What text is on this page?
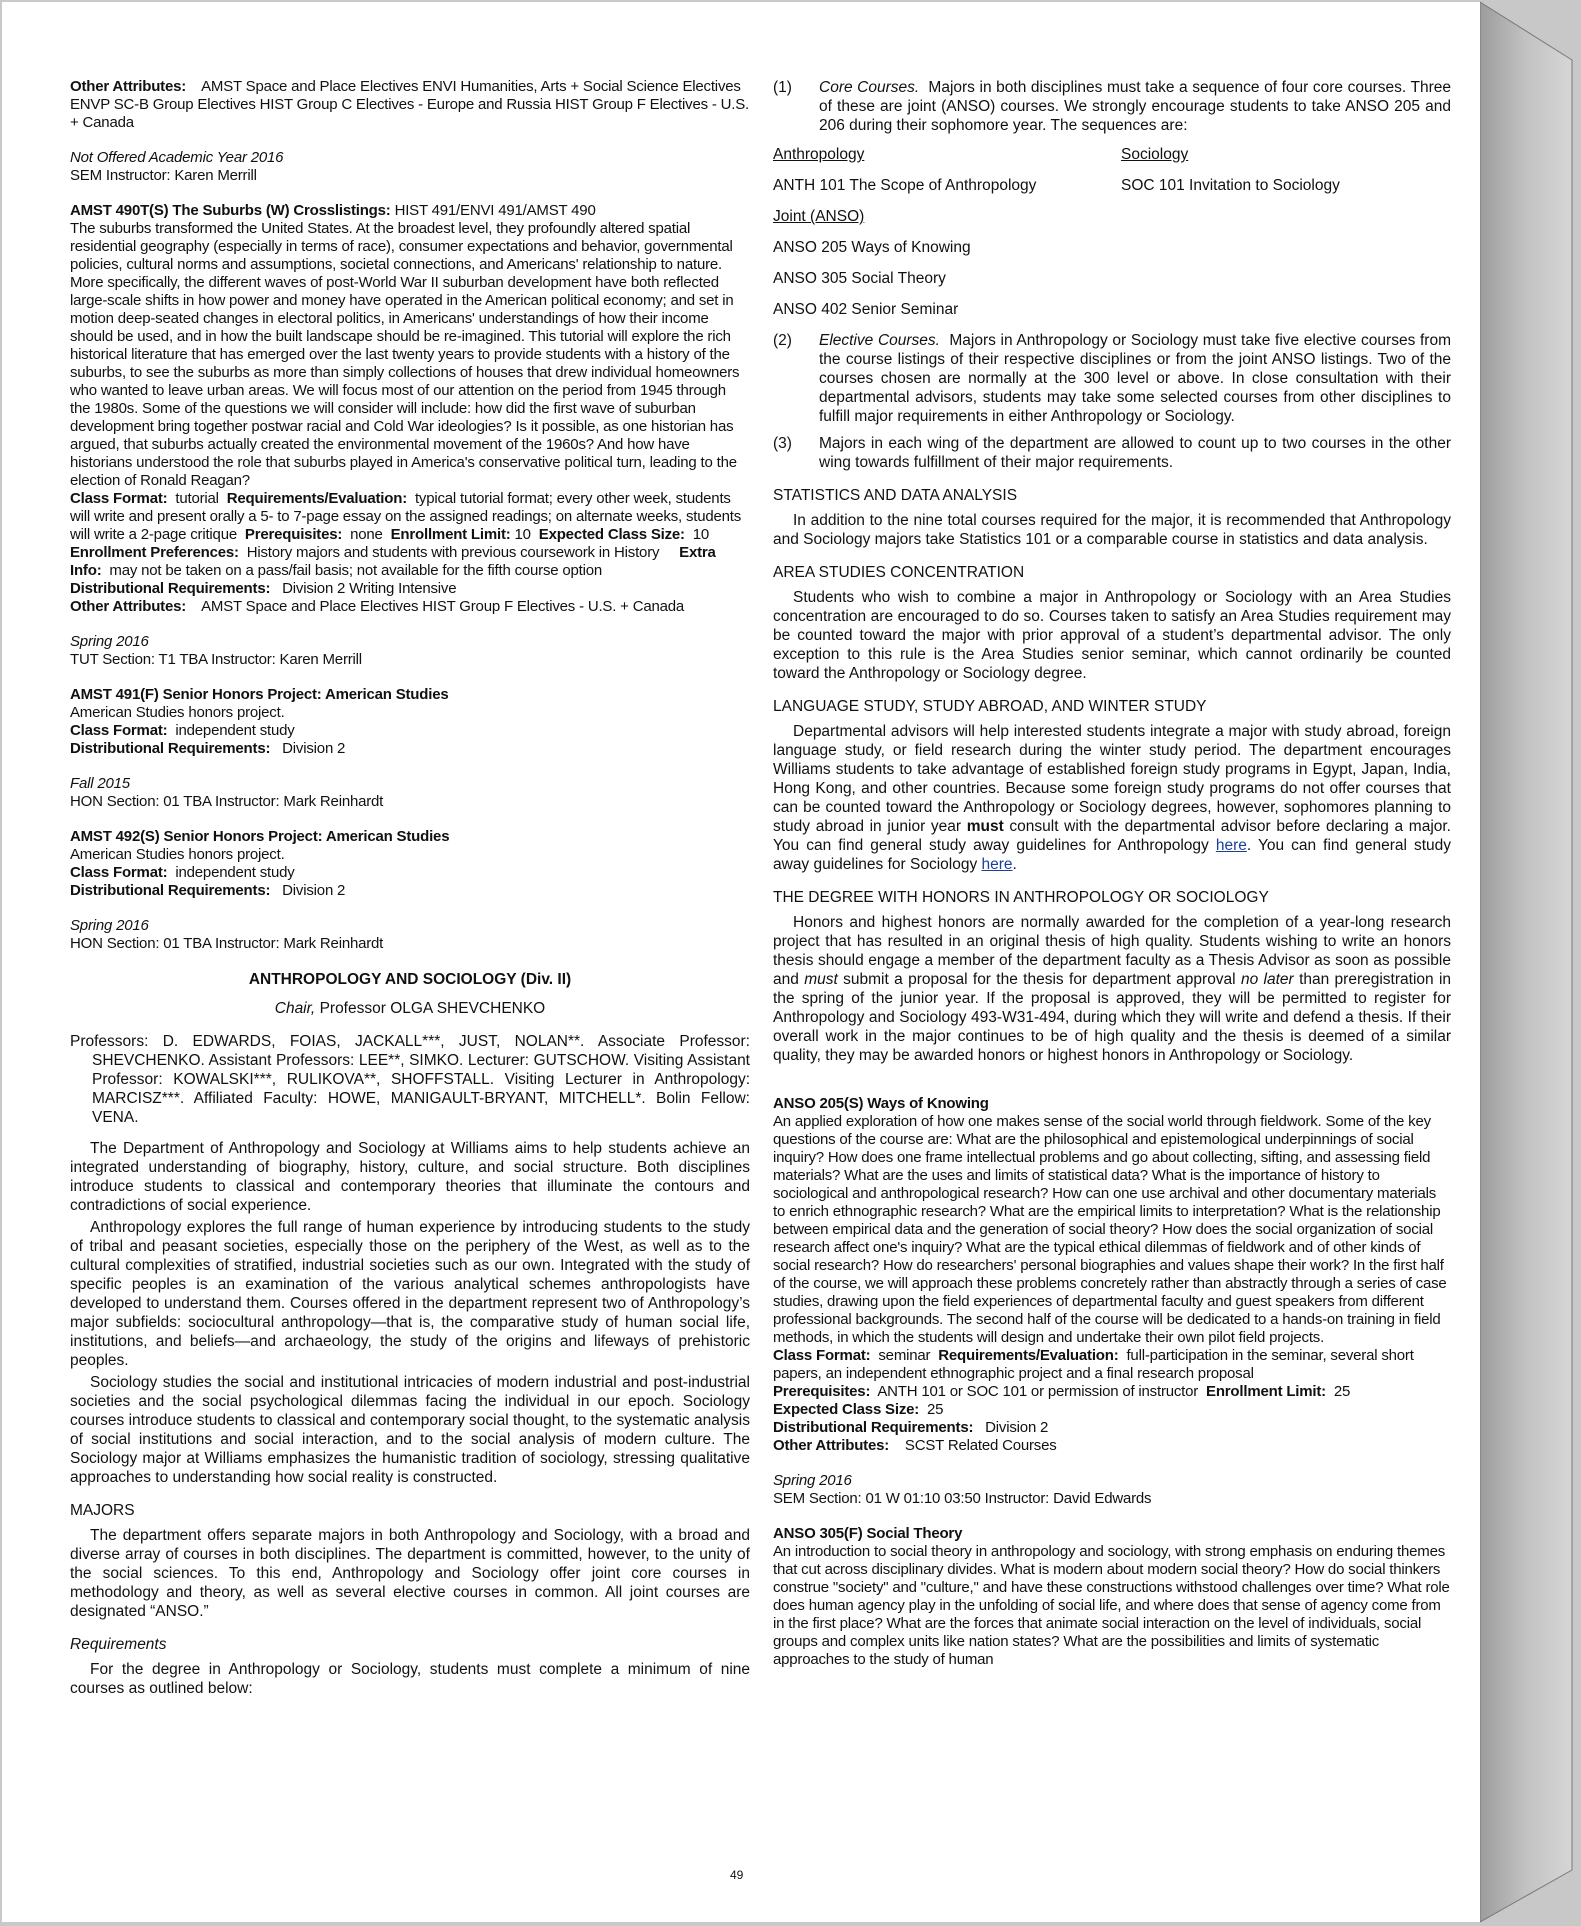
Other Attributes: AMST Space and Place Electives ENVI Humanities, Arts + Social Science Electives ENVP SC-B Group Electives HIST Group C Electives - Europe and Russia HIST Group F Electives - U.S. + Canada
Not Offered Academic Year 2016
SEM Instructor: Karen Merrill
AMST 490T(S) The Suburbs (W) Crosslistings: HIST 491/ENVI 491/AMST 490
The suburbs transformed the United States. At the broadest level, they profoundly altered spatial residential geography (especially in terms of race), consumer expectations and behavior, governmental policies, cultural norms and assumptions, societal connections, and Americans' relationship to nature. More specifically, the different waves of post-World War II suburban development have both reflected large-scale shifts in how power and money have operated in the American political economy; and set in motion deep-seated changes in electoral politics, in Americans' understandings of how their income should be used, and in how the built landscape should be re-imagined. This tutorial will explore the rich historical literature that has emerged over the last twenty years to provide students with a history of the suburbs, to see the suburbs as more than simply collections of houses that drew individual homeowners who wanted to leave urban areas. We will focus most of our attention on the period from 1945 through the 1980s. Some of the questions we will consider will include: how did the first wave of suburban development bring together postwar racial and Cold War ideologies? Is it possible, as one historian has argued, that suburbs actually created the environmental movement of the 1960s? And how have historians understood the role that suburbs played in America's conservative political turn, leading to the election of Ronald Reagan?
Class Format: tutorial Requirements/Evaluation: typical tutorial format; every other week, students will write and present orally a 5- to 7-page essay on the assigned readings; on alternate weeks, students will write a 2-page critique Prerequisites: none Enrollment Limit: 10 Expected Class Size: 10  Enrollment Preferences: History majors and students with previous coursework in History Extra Info: may not be taken on a pass/fail basis; not available for the fifth course option
Distributional Requirements: Division 2 Writing Intensive
Other Attributes: AMST Space and Place Electives HIST Group F Electives - U.S. + Canada
Spring 2016
TUT Section: T1 TBA Instructor: Karen Merrill
AMST 491(F) Senior Honors Project: American Studies
American Studies honors project.
Class Format: independent study
Distributional Requirements: Division 2
Fall 2015
HON Section: 01 TBA Instructor: Mark Reinhardt
AMST 492(S) Senior Honors Project: American Studies
American Studies honors project.
Class Format: independent study
Distributional Requirements: Division 2
Spring 2016
HON Section: 01 TBA Instructor: Mark Reinhardt
ANTHROPOLOGY AND SOCIOLOGY (Div. II)
Chair, Professor OLGA SHEVCHENKO
Professors: D. EDWARDS, FOIAS, JACKALL***, JUST, NOLAN**. Associate Professor: SHEVCHENKO. Assistant Professors: LEE**, SIMKO. Lecturer: GUTSCHOW. Visiting Assistant Professor: KOWALSKI***, RULIKOVA**, SHOFFSTALL. Visiting Lecturer in Anthropology: MARCISZ***. Affiliated Faculty: HOWE, MANIGAULT-BRYANT, MITCHELL*. Bolin Fellow: VENA.

The Department of Anthropology and Sociology at Williams aims to help students achieve an integrated understanding of biography, history, culture, and social structure. Both disciplines introduce students to classical and contemporary theories that illuminate the contours and contradictions of social experience.

Anthropology explores the full range of human experience by introducing students to the study of tribal and peasant societies, especially those on the periphery of the West, as well as to the cultural complexities of stratified, industrial societies such as our own. Integrated with the study of specific peoples is an examination of the various analytical schemes anthropologists have developed to understand them. Courses offered in the department represent two of Anthropology’s major subfields: sociocultural anthropology—that is, the comparative study of human social life, institutions, and beliefs—and archaeology, the study of the origins and lifeways of prehistoric peoples.

Sociology studies the social and institutional intricacies of modern industrial and post-industrial societies and the social psychological dilemmas facing the individual in our epoch. Sociology courses introduce students to classical and contemporary social thought, to the systematic analysis of social institutions and social interaction, and to the social analysis of modern culture. The Sociology major at Williams emphasizes the humanistic tradition of sociology, stressing qualitative approaches to understanding how social reality is constructed.

MAJORS

The department offers separate majors in both Anthropology and Sociology, with a broad and diverse array of courses in both disciplines. The department is committed, however, to the unity of the social sciences. To this end, Anthropology and Sociology offer joint core courses in methodology and theory, as well as several elective courses in common. All joint courses are designated “ANSO.”

Requirements

For the degree in Anthropology or Sociology, students must complete a minimum of nine courses as outlined below:

(1)	Core Courses. Majors in both disciplines must take a sequence of four core courses. Three of these are joint (ANSO) courses. We strongly encourage students to take ANSO 205 and 206 during their sophomore year. The sequences are:
Anthropology	Sociology
ANTH 101 The Scope of Anthropology	SOC 101 Invitation to Sociology
Joint (ANSO)
ANSO 205 Ways of Knowing
ANSO 305 Social Theory
ANSO 402 Senior Seminar
(2)	Elective Courses. Majors in Anthropology or Sociology must take five elective courses from the course listings of their respective disciplines or from the joint ANSO listings. Two of the courses chosen are normally at the 300 level or above. In close consultation with their departmental advisors, students may take some selected courses from other disciplines to fulfill major requirements in either Anthropology or Sociology.
(3)	Majors in each wing of the department are allowed to count up to two courses in the other wing towards fulfillment of their major requirements.
STATISTICS AND DATA ANALYSIS

In addition to the nine total courses required for the major, it is recommended that Anthropology and Sociology majors take Statistics 101 or a comparable course in statistics and data analysis.

AREA STUDIES CONCENTRATION

Students who wish to combine a major in Anthropology or Sociology with an Area Studies concentration are encouraged to do so. Courses taken to satisfy an Area Studies requirement may be counted toward the major with prior approval of a student’s departmental advisor. The only exception to this rule is the Area Studies senior seminar, which cannot ordinarily be counted toward the Anthropology or Sociology degree.

LANGUAGE STUDY, STUDY ABROAD, AND WINTER STUDY

Departmental advisors will help interested students integrate a major with study abroad, foreign language study, or field research during the winter study period. The department encourages Williams students to take advantage of established foreign study programs in Egypt, Japan, India, Hong Kong, and other countries. Because some foreign study programs do not offer courses that can be counted toward the Anthropology or Sociology degrees, however, sophomores planning to study abroad in junior year must consult with the departmental advisor before declaring a major. You can find general study away guidelines for Anthropology here. You can find general study away guidelines for Sociology here.

THE DEGREE WITH HONORS IN ANTHROPOLOGY OR SOCIOLOGY

Honors and highest honors are normally awarded for the completion of a year-long research project that has resulted in an original thesis of high quality. Students wishing to write an honors thesis should engage a member of the department faculty as a Thesis Advisor as soon as possible and must submit a proposal for the thesis for department approval no later than preregistration in the spring of the junior year. If the proposal is approved, they will be permitted to register for Anthropology and Sociology 493-W31-494, during which they will write and defend a thesis. If their overall work in the major continues to be of high quality and the thesis is deemed of a similar quality, they may be awarded honors or highest honors in Anthropology or Sociology.

ANSO 205(S) Ways of Knowing
An applied exploration of how one makes sense of the social world through fieldwork. Some of the key questions of the course are: What are the philosophical and epistemological underpinnings of social inquiry? How does one frame intellectual problems and go about collecting, sifting, and assessing field materials? What are the uses and limits of statistical data? What is the importance of history to sociological and anthropological research? How can one use archival and other documentary materials to enrich ethnographic research? What are the empirical limits to interpretation? What is the relationship between empirical data and the generation of social theory? How does the social organization of social research affect one's inquiry? What are the typical ethical dilemmas of fieldwork and of other kinds of social research? How do researchers' personal biographies and values shape their work? In the first half of the course, we will approach these problems concretely rather than abstractly through a series of case studies, drawing upon the field experiences of departmental faculty and guest speakers from different professional backgrounds. The second half of the course will be dedicated to a hands-on training in field methods, in which the students will design and undertake their own pilot field projects.
Class Format: seminar Requirements/Evaluation: full-participation in the seminar, several short papers, an independent ethnographic project and a final research proposal
Prerequisites: ANTH 101 or SOC 101 or permission of instructor Enrollment Limit: 25
Expected Class Size: 25
Distributional Requirements: Division 2
Other Attributes: SCST Related Courses
Spring 2016
SEM Section: 01 W 01:10 03:50 Instructor: David Edwards
ANSO 305(F) Social Theory
An introduction to social theory in anthropology and sociology, with strong emphasis on enduring themes that cut across disciplinary divides. What is modern about modern social theory? How do social thinkers construe "society" and "culture," and have these constructions withstood challenges over time? What role does human agency play in the unfolding of social life, and where does that sense of agency come from in the first place? What are the forces that animate social interaction on the level of individuals, social groups and complex units like nation states? What are the possibilities and limits of systematic approaches to the study of human
49
